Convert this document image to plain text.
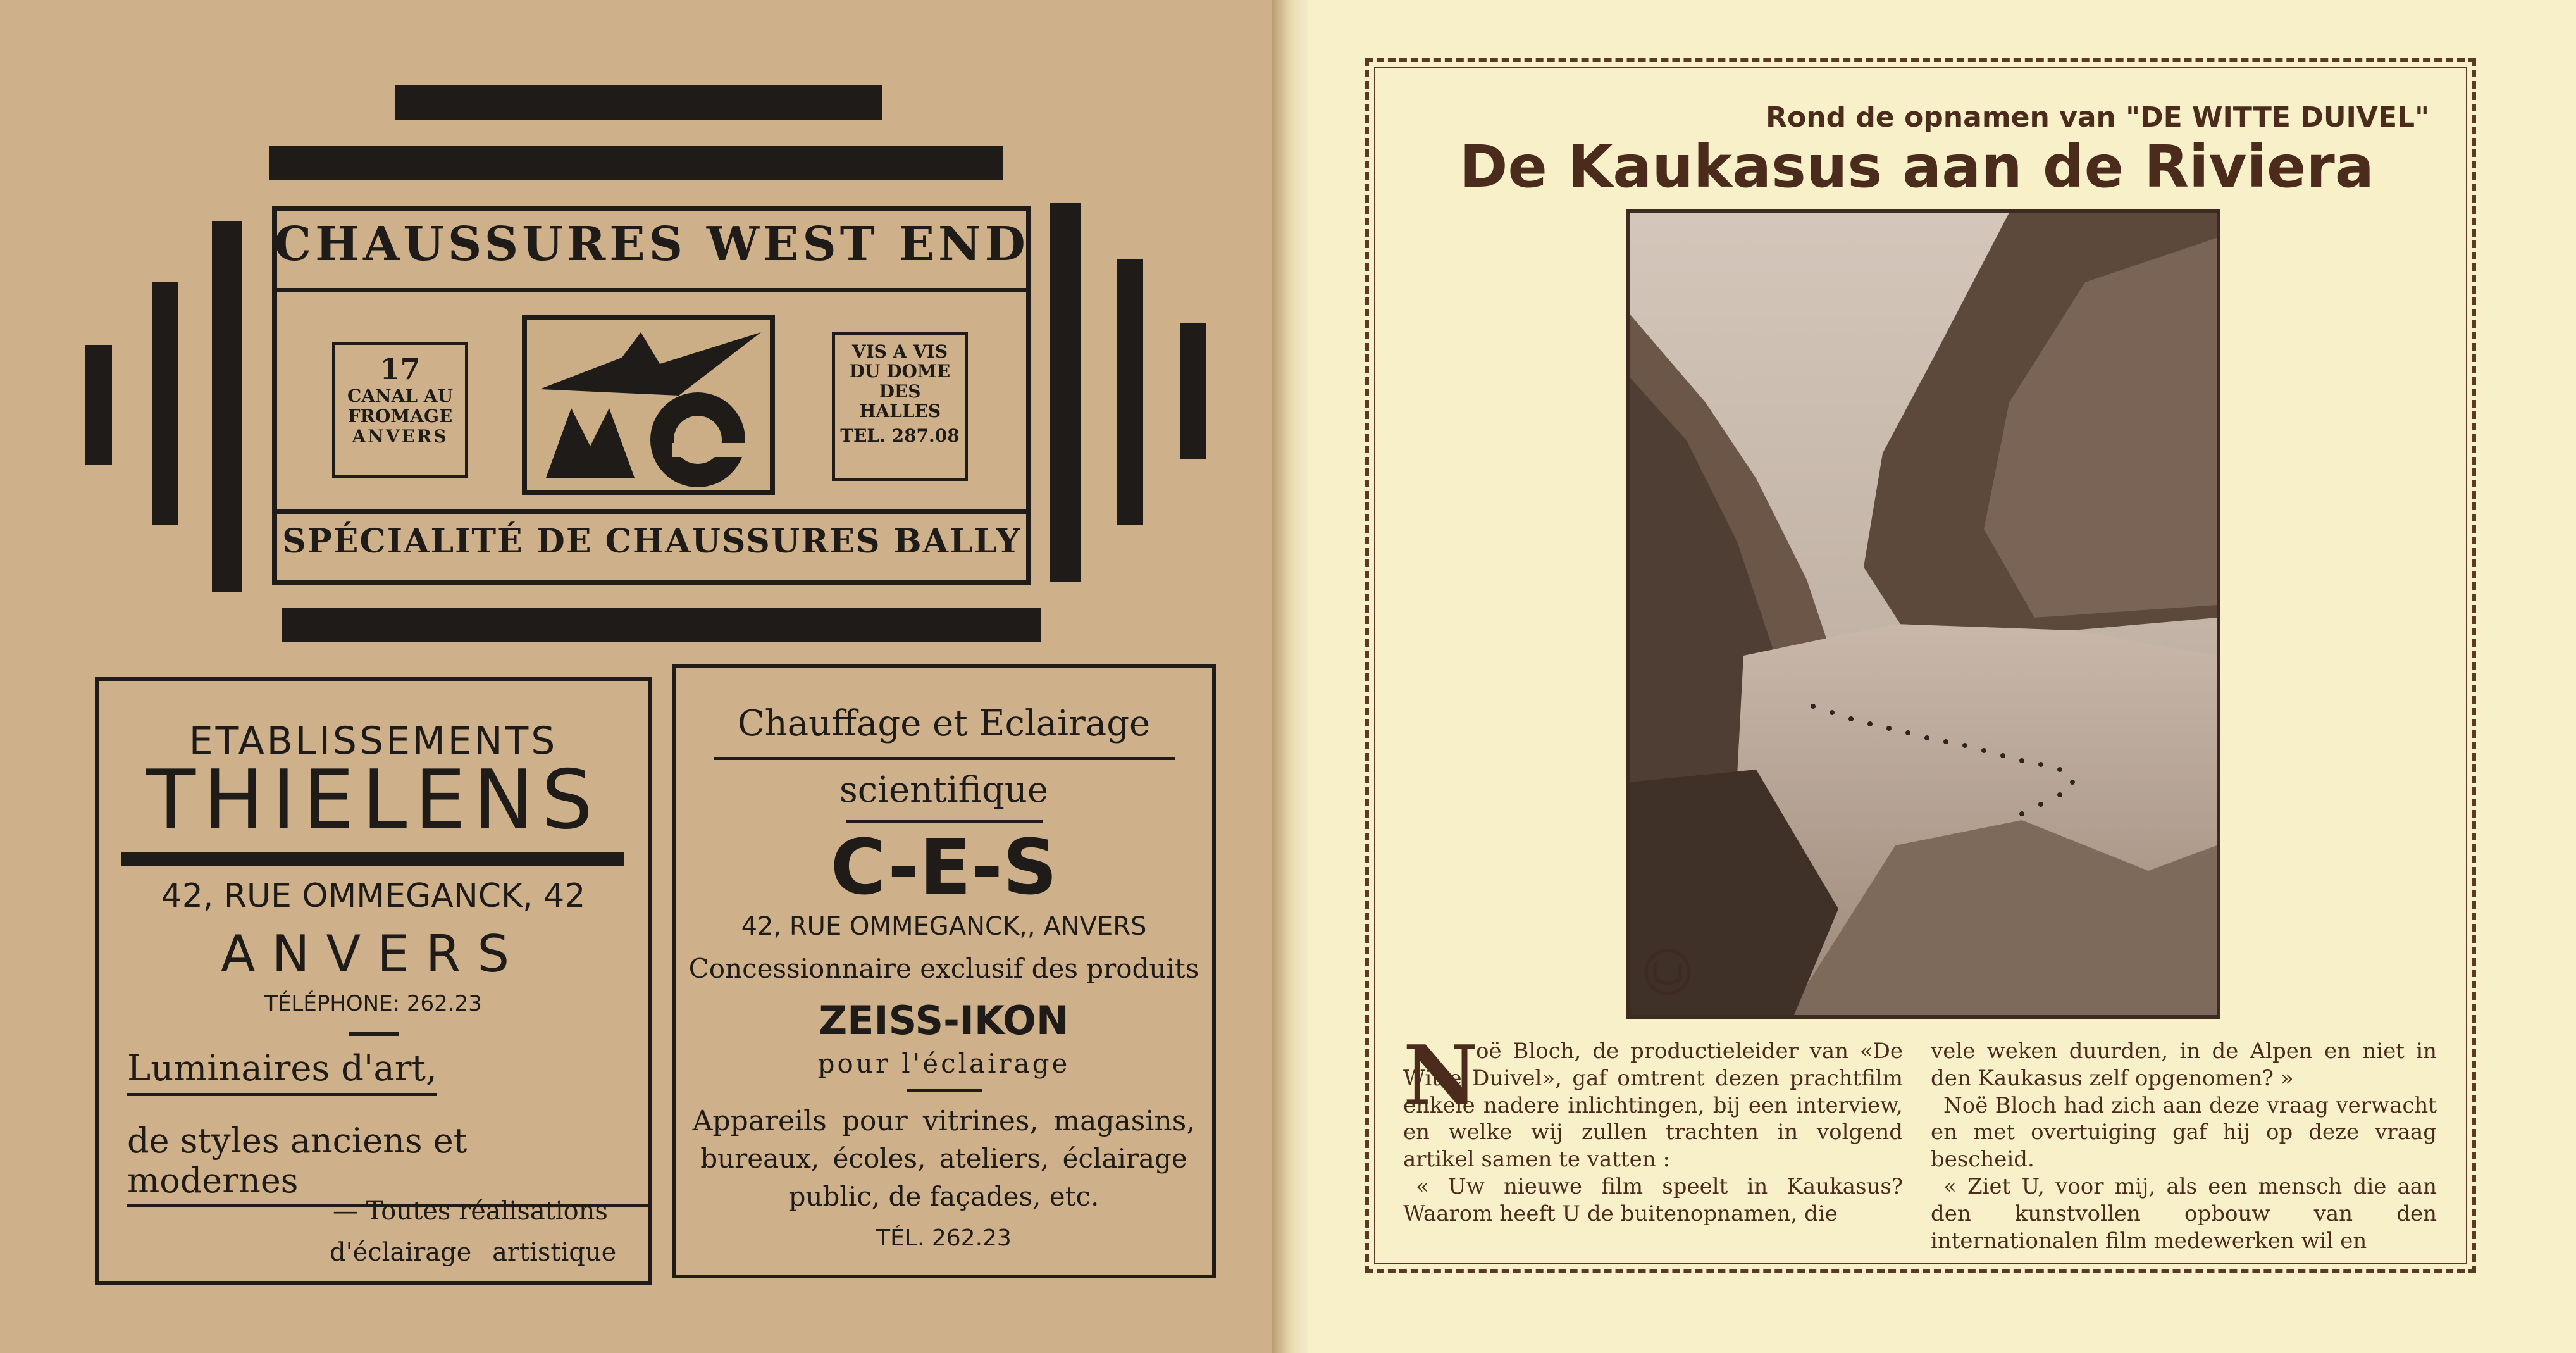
CHAUSSURES WEST END
17
CANAL AU
FROMAGE
ANVERS
VIS A VIS
DU DOME
DES
HALLES
TEL. 287.08
SPÉCIALITÉ DE CHAUSSURES BALLY
ETABLISSEMENTS
THIELENS
42, RUE OMMEGANCK, 42
ANVERS
TÉLÉPHONE: 262.23
Luminaires d'art,
de styles anciens et modernes
— Toutes réalisations
d'éclairage artistique
Chauffage et Eclairage
scientifique
C-E-S
42, RUE OMMEGANCK,, ANVERS
Concessionnaire exclusif des produits
ZEISS-IKON
pour l'éclairage
Appareils pour vitrines, magasins,
bureaux, écoles, ateliers, éclairage
public, de façades, etc.
TÉL. 262.23
Rond de opnamen van "DE WITTE DUIVEL"
De Kaukasus aan de Riviera
N

oë Bloch, de productieleider van «De Witte Duivel», gaf omtrent dezen prachtfilm enkele nadere inlichtingen, bij een interview, en welke wij zullen trachten in volgend artikel samen te vatten :

« Uw nieuwe film speelt in Kaukasus? Waarom heeft U de buitenopnamen, die

vele weken duurden, in de Alpen en niet in den Kaukasus zelf opgenomen? »

Noë Bloch had zich aan deze vraag verwacht en met overtuiging gaf hij op deze vraag bescheid.

« Ziet U, voor mij, als een mensch die aan den kunstvollen opbouw van den internationalen film medewerken wil en
